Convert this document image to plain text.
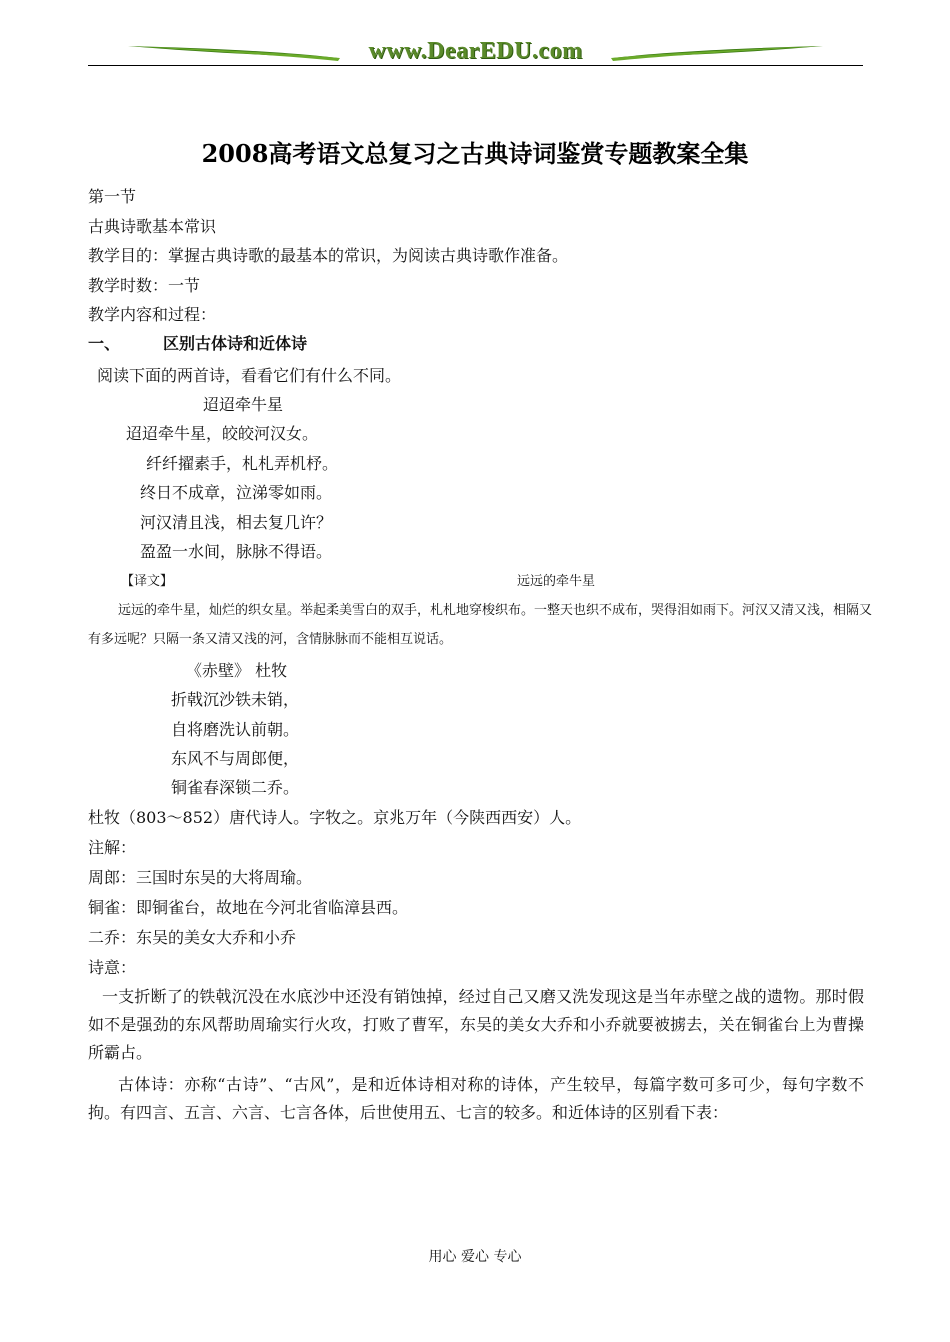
www.DearEDU.com
2008高考语文总复习之古典诗词鉴赏专题教案全集
第一节
古典诗歌基本常识
教学目的：掌握古典诗歌的最基本的常识，为阅读古典诗歌作准备。
教学时数：一节
教学内容和过程：
一、	区别古体诗和近体诗
阅读下面的两首诗，看看它们有什么不同。
迢迢牵牛星
迢迢牵牛星，皎皎河汉女。
纤纤擢素手，札札弄机杼。
终日不成章，泣涕零如雨。
河汉清且浅，相去复几许？
盈盈一水间，脉脉不得语。
【译文】	远远的牵牛星
远远的牵牛星，灿烂的织女星。举起柔美雪白的双手，札札地穿梭织布。一整天也织不成布，哭得泪如雨下。河汉又清又浅，相隔又有多远呢？只隔一条又清又浅的河，含情脉脉而不能相互说话。
《赤壁》 杜牧
折戟沉沙铁未销，
自将磨洗认前朝。
东风不与周郎便，
铜雀春深锁二乔。
杜牧（803～852）唐代诗人。字牧之。京兆万年（今陕西西安）人。
注解：
周郎：三国时东吴的大将周瑜。
铜雀：即铜雀台，故地在今河北省临漳县西。
二乔：东吴的美女大乔和小乔
诗意：
一支折断了的铁戟沉没在水底沙中还没有销蚀掉，经过自己又磨又洗发现这是当年赤壁之战的遗物。那时假如不是强劲的东风帮助周瑜实行火攻，打败了曹军，东吴的美女大乔和小乔就要被掳去，关在铜雀台上为曹操所霸占。
古体诗：亦称“古诗”、“古风”，是和近体诗相对称的诗体，产生较早，每篇字数可多可少，每句字数不拘。有四言、五言、六言、七言各体，后世使用五、七言的较多。和近体诗的区别看下表：
用心 爱心 专心
